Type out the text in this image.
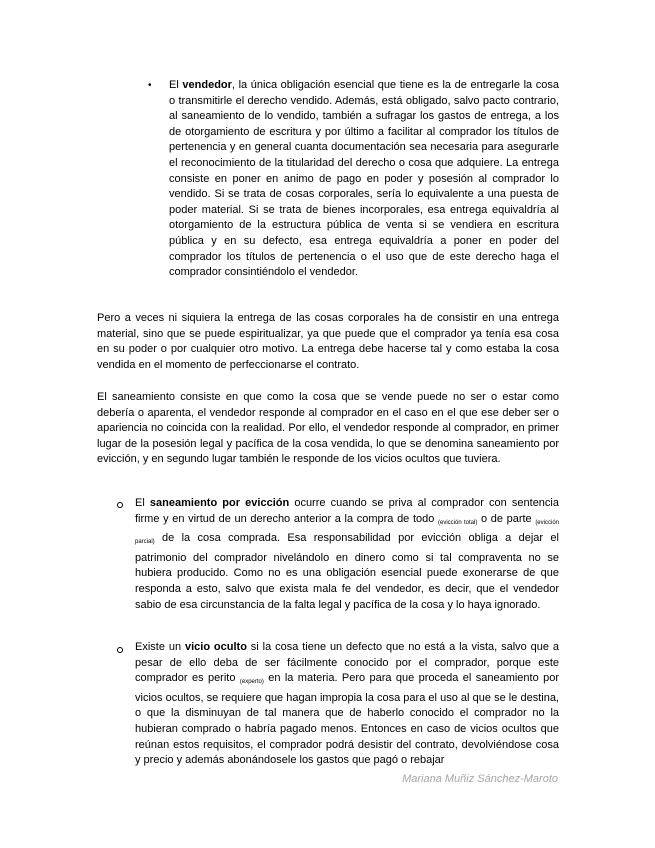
• El vendedor, la única obligación esencial que tiene es la de entregarle la cosa o transmitirle el derecho vendido. Además, está obligado, salvo pacto contrario, al saneamiento de lo vendido, también a sufragar los gastos de entrega, a los de otorgamiento de escritura y por último a facilitar al comprador los títulos de pertenencia y en general cuanta documentación sea necesaria para asegurarle el reconocimiento de la titularidad del derecho o cosa que adquiere. La entrega consiste en poner en animo de pago en poder y posesión al comprador lo vendido. Si se trata de cosas corporales, sería lo equivalente a una puesta de poder material. Si se trata de bienes incorporales, esa entrega equivaldría al otorgamiento de la estructura pública de venta si se vendiera en escritura pública y en su defecto, esa entrega equivaldría a poner en poder del comprador los títulos de pertenencia o el uso que de este derecho haga el comprador consintiéndolo el vendedor.

Pero a veces ni siquiera la entrega de las cosas corporales ha de consistir en una entrega material, sino que se puede espiritualizar, ya que puede que el comprador ya tenía esa cosa en su poder o por cualquier otro motivo. La entrega debe hacerse tal y como estaba la cosa vendida en el momento de perfeccionarse el contrato.

El saneamiento consiste en que como la cosa que se vende puede no ser o estar como debería o aparenta, el vendedor responde al comprador en el caso en el que ese deber ser o apariencia no coincida con la realidad. Por ello, el vendedor responde al comprador, en primer lugar de la posesión legal y pacífica de la cosa vendida, lo que se denomina saneamiento por evicción, y en segundo lugar también le responde de los vicios ocultos que tuviera.

El saneamiento por evicción ocurre cuando se priva al comprador con sentencia firme y en virtud de un derecho anterior a la compra de todo $_{(evicción total)}$ o de parte $_{(evicción parcial)}$ de la cosa comprada. Esa responsabilidad por evicción obliga a dejar el patrimonio del comprador nivelándolo en dinero como si tal compraventa no se hubiera producido. Como no es una obligación esencial puede exonerarse de que responda a esto, salvo que exista mala fe del vendedor, es decir, que el vendedor sabio de esa circunstancia de la falta legal y pacífica de la cosa y lo haya ignorado.

Existe un vicio oculto si la cosa tiene un defecto que no está a la vista, salvo que a pesar de ello deba de ser fácilmente conocido por el comprador, porque este comprador es perito $_{(experto)}$ en la materia. Pero para que proceda el saneamiento por vicios ocultos, se requiere que hagan impropia la cosa para el uso al que se le destina, o que la disminuyan de tal manera que de haberlo conocido el comprador no la hubieran comprado o habría pagado menos. Entonces en caso de vicios ocultos que reúnan estos requisitos, el comprador podrá desistir del contrato, devolviéndose cosa y precio y además abonándosele los gastos que pagó o rebajar

Mariana Muñiz Sánchez-Maroto
